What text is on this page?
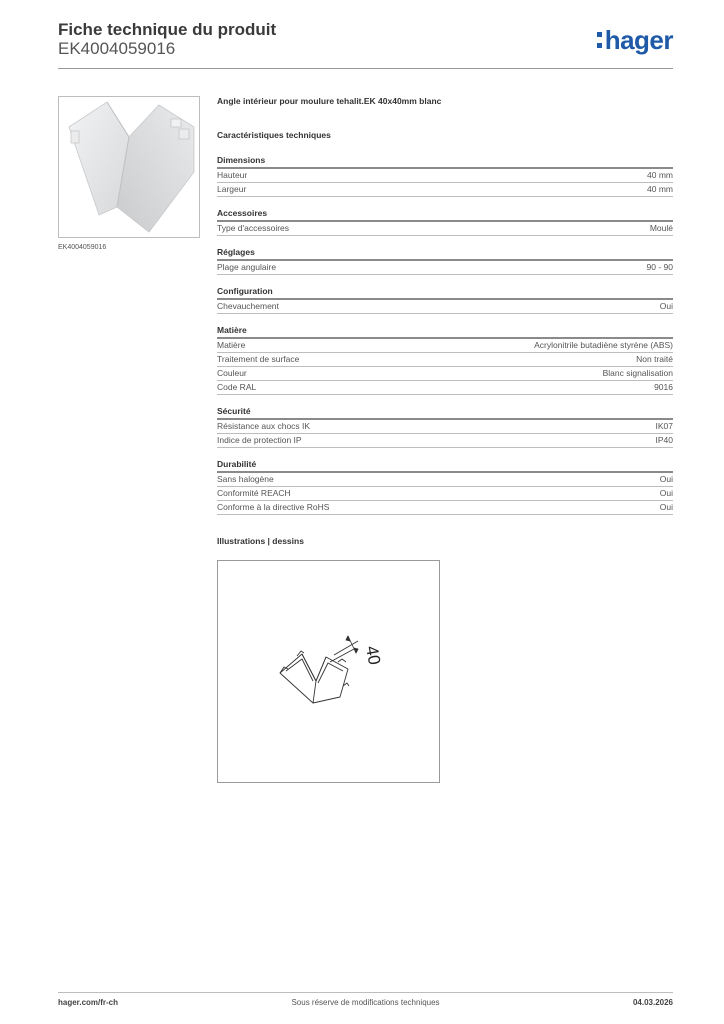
Fiche technique du produit
EK4004059016	hager
EK4004059016
Angle intérieur pour moulure tehalit.EK 40x40mm blanc
Caractéristiques techniques
Dimensions
Hauteur	40 mm
Largeur	40 mm
Accessoires
Type d'accessoires	Moulé
Réglages
Plage angulaire	90 - 90
Configuration
Chevauchement	Oui
Matière
Matière	Acrylonitrile butadiène styrène (ABS)
Traitement de surface	Non traité
Couleur	Blanc signalisation
Code RAL	9016
Sécurité
Résistance aux chocs IK	IK07
Indice de protection IP	IP40
Durabilité
Sans halogène	Oui
Conformité REACH	Oui
Conforme à la directive RoHS	Oui
Illustrations | dessins
40
hager.com/fr-ch	Sous réserve de modifications techniques	04.03.2026
